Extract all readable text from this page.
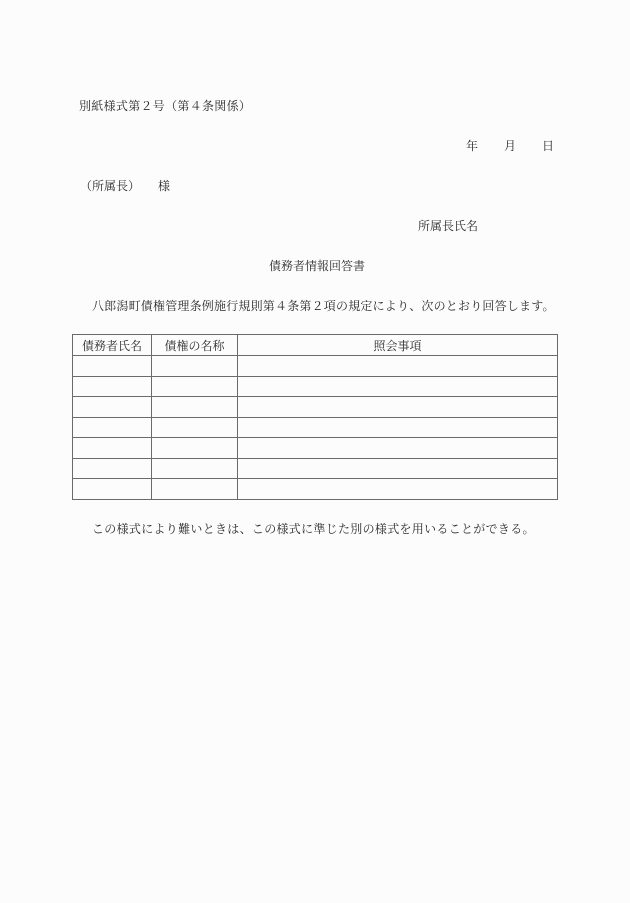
別紙様式第２号（第４条関係）
年 月 日
（所属長） 様
所属長氏名
債務者情報回答書
八郎潟町債権管理条例施行規則第４条第２項の規定により、次のとおり回答します。
債務者氏名	債権の名称	照会事項

この様式により難いときは、この様式に準じた別の様式を用いることができる。
